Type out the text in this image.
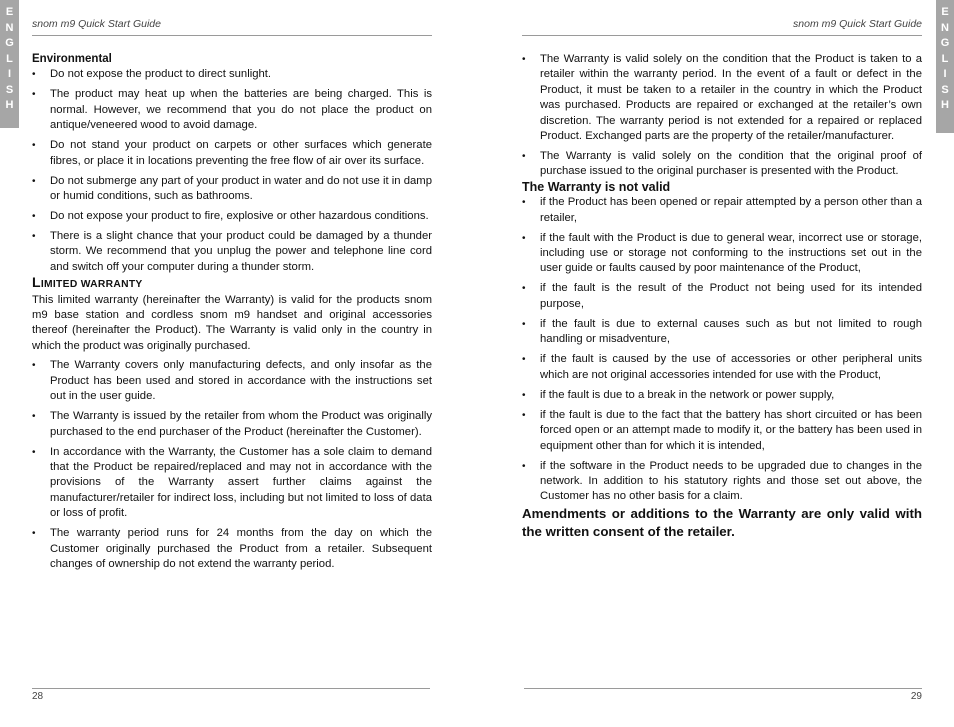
E
N
G
L
I
S
H
snom m9 Quick Start Guide

Environmental

• Do not expose the product to direct sunlight.
• The product may heat up when the batteries are being charged. This is normal. However, we recommend that you do not place the product on antique/veneered wood to avoid damage.
• Do not stand your product on carpets or other surfaces which generate fibres, or place it in locations preventing the free flow of air over its surface.
• Do not submerge any part of your product in water and do not use it in damp or humid conditions, such as bathrooms.
• Do not expose your product to fire, explosive or other hazardous conditions.
• There is a slight chance that your product could be damaged by a thunder storm. We recommend that you unplug the power and telephone line cord and switch off your computer during a thunder storm.

LIMITED WARRANTY

This limited warranty (hereinafter the Warranty) is valid for the products snom m9 base station and cordless snom m9 handset and original accessories thereof (hereinafter the Product). The Warranty is valid only in the country in which the product was originally purchased.

• The Warranty covers only manufacturing defects, and only insofar as the Product has been used and stored in accordance with the instructions set out in the user guide.
• The Warranty is issued by the retailer from whom the Product was originally purchased to the end purchaser of the Product (hereinafter the Customer).
• In accordance with the Warranty, the Customer has a sole claim to demand that the Product be repaired/replaced and may not in accordance with the provisions of the Warranty assert further claims against the manufacturer/retailer for indirect loss, including but not limited to loss of data or loss of profit.
• The warranty period runs for 24 months from the day on which the Customer originally purchased the Product from a retailer. Subsequent changes of ownership do not extend the warranty period.
28
E
N
G
L
I
S
H
snom m9 Quick Start Guide
• The Warranty is valid solely on the condition that the Product is taken to a retailer within the warranty period. In the event of a fault or defect in the Product, it must be taken to a retailer in the country in which the Product was purchased. Products are repaired or exchanged at the retailer’s own discretion. The warranty period is not extended for a repaired or replaced Product. Exchanged parts are the property of the retailer/manufacturer.
• The Warranty is valid solely on the condition that the original proof of purchase issued to the original purchaser is presented with the Product.

The Warranty is not valid

• if the Product has been opened or repair attempted by a person other than a retailer,
• if the fault with the Product is due to general wear, incorrect use or storage, including use or storage not conforming to the instructions set out in the user guide or faults caused by poor maintenance of the Product,
• if the fault is the result of the Product not being used for its intended purpose,
• if the fault is due to external causes such as but not limited to rough handling or misadventure,
• if the fault is caused by the use of accessories or other peripheral units which are not original accessories intended for use with the Product,
• if the fault is due to a break in the network or power supply,
• if the fault is due to the fact that the battery has short circuited or has been forced open or an attempt made to modify it, or the battery has been used in equipment other than for which it is intended,
• if the software in the Product needs to be upgraded due to changes in the network. In addition to his statutory rights and those set out above, the Customer has no other basis for a claim.

Amendments or additions to the Warranty are only valid with the written consent of the retailer.

29
